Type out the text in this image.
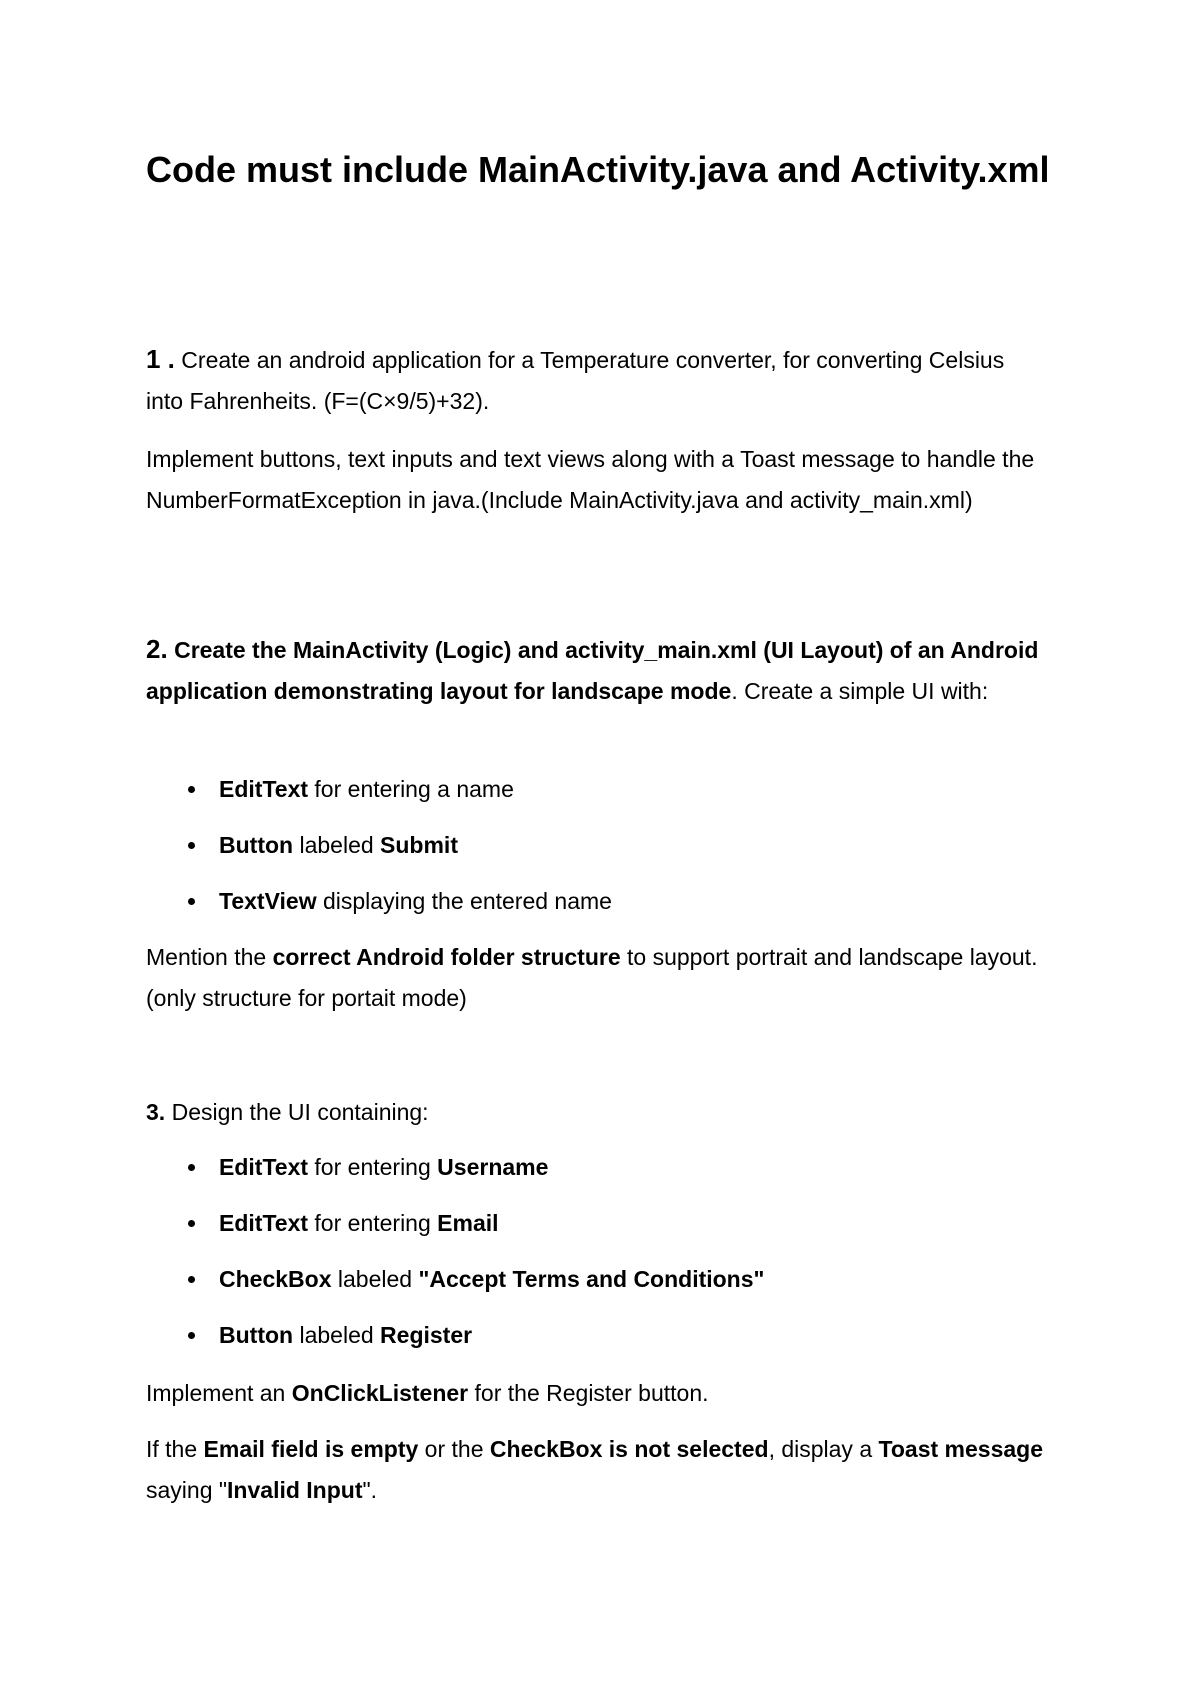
Code must include MainActivity.java and Activity.xml

1 . Create an android application for a Temperature converter, for converting Celsius into Fahrenheits. (F=(C×9/5)+32).

Implement buttons, text inputs and text views along with a Toast message to handle the NumberFormatException in java.(Include MainActivity.java and activity_main.xml)

2. Create the MainActivity (Logic) and activity_main.xml (UI Layout) of an Android application demonstrating layout for landscape mode. Create a simple UI with:

EditText for entering a name
Button labeled Submit
TextView displaying the entered name

Mention the correct Android folder structure to support portrait and landscape layout.(only structure for portait mode)

3. Design the UI containing:

EditText for entering Username
EditText for entering Email
CheckBox labeled "Accept Terms and Conditions"
Button labeled Register

Implement an OnClickListener for the Register button.

If the Email field is empty or the CheckBox is not selected, display a Toast message saying "Invalid Input".
